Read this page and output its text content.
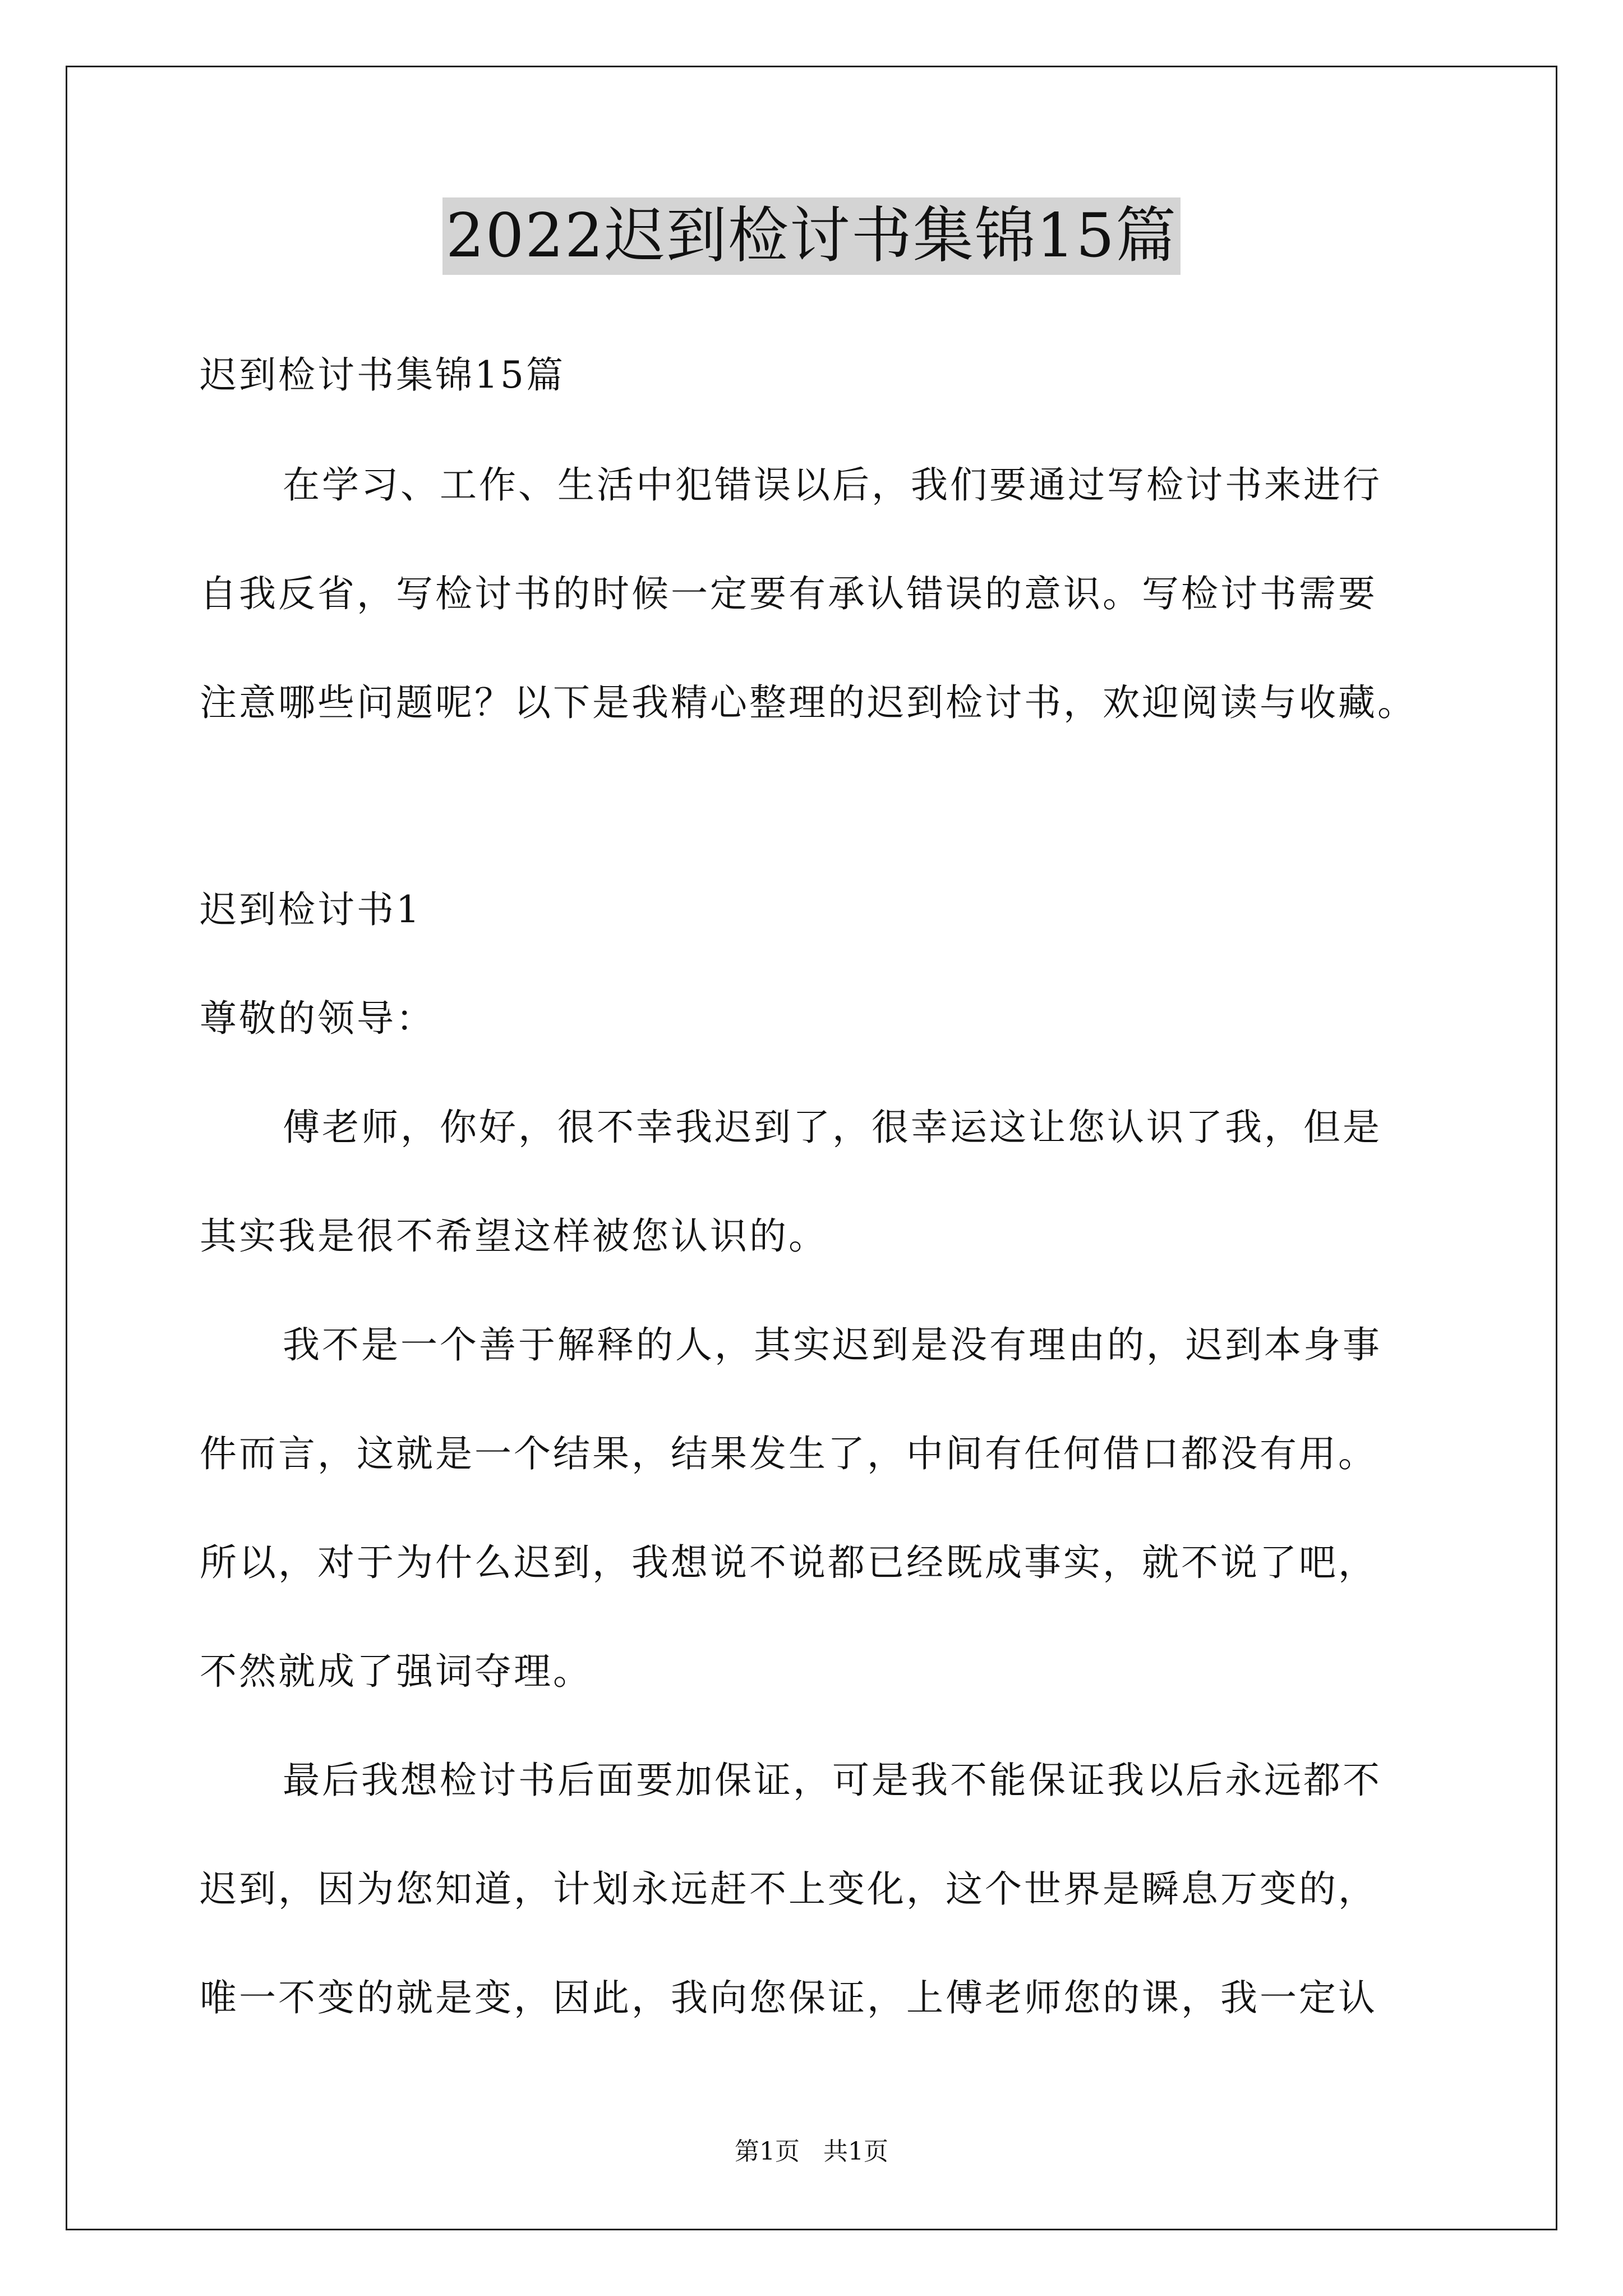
2022迟到检讨书集锦15篇
迟到检讨书集锦15篇
在学习、工作、生活中犯错误以后，我们要通过写检讨书来进行
自我反省，写检讨书的时候一定要有承认错误的意识。写检讨书需要
注意哪些问题呢？以下是我精心整理的迟到检讨书，欢迎阅读与收藏。
迟到检讨书1
尊敬的领导：
傅老师，你好，很不幸我迟到了，很幸运这让您认识了我，但是
其实我是很不希望这样被您认识的。
我不是一个善于解释的人，其实迟到是没有理由的，迟到本身事
件而言，这就是一个结果，结果发生了，中间有任何借口都没有用。
所以，对于为什么迟到，我想说不说都已经既成事实，就不说了吧，
不然就成了强词夺理。
最后我想检讨书后面要加保证，可是我不能保证我以后永远都不
迟到，因为您知道，计划永远赶不上变化，这个世界是瞬息万变的，
唯一不变的就是变，因此，我向您保证，上傅老师您的课，我一定认
第1页   共1页
